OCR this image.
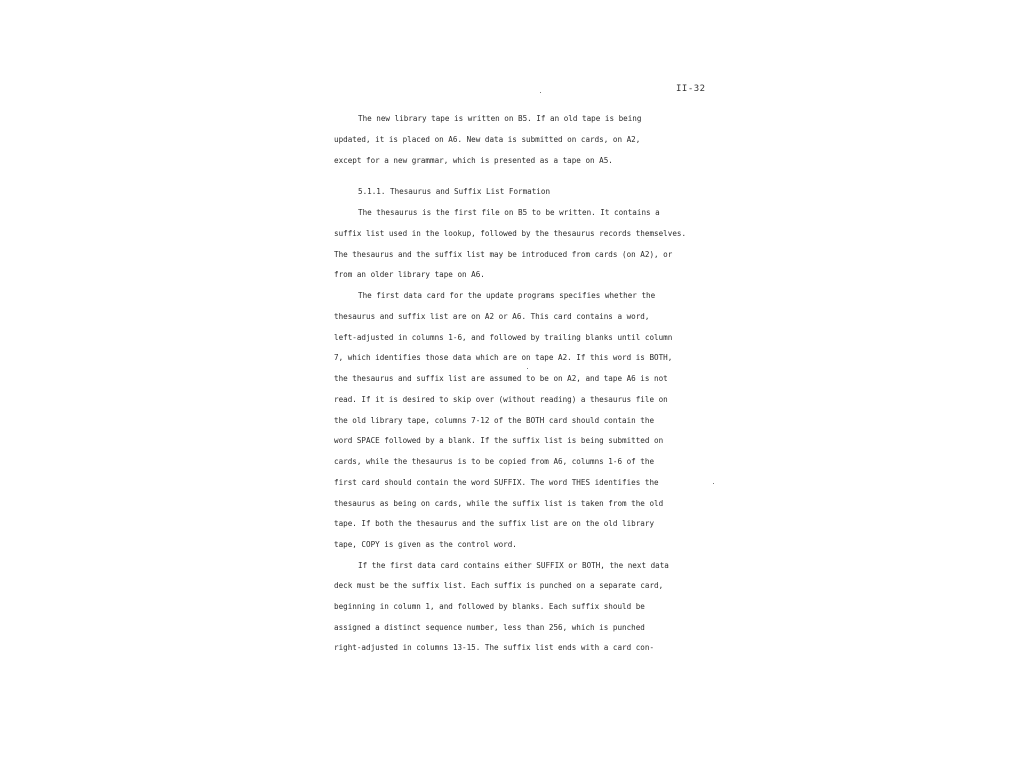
II-32
The new library tape is written on B5. If an old tape is being
updated, it is placed on A6. New data is submitted on cards, on A2,
except for a new grammar, which is presented as a tape on A5.
5.1.1. Thesaurus and Suffix List Formation
The thesaurus is the first file on B5 to be written. It contains a
suffix list used in the lookup, followed by the thesaurus records themselves.
The thesaurus and the suffix list may be introduced from cards (on A2), or
from an older library tape on A6.
The first data card for the update programs specifies whether the
thesaurus and suffix list are on A2 or A6. This card contains a word,
left-adjusted in columns 1-6, and followed by trailing blanks until column
7, which identifies those data which are on tape A2. If this word is BOTH,
the thesaurus and suffix list are assumed to be on A2, and tape A6 is not
read. If it is desired to skip over (without reading) a thesaurus file on
the old library tape, columns 7-12 of the BOTH card should contain the
word SPACE followed by a blank. If the suffix list is being submitted on
cards, while the thesaurus is to be copied from A6, columns 1-6 of the
first card should contain the word SUFFIX. The word THES identifies the
thesaurus as being on cards, while the suffix list is taken from the old
tape. If both the thesaurus and the suffix list are on the old library
tape, COPY is given as the control word.
If the first data card contains either SUFFIX or BOTH, the next data
deck must be the suffix list. Each suffix is punched on a separate card,
beginning in column 1, and followed by blanks. Each suffix should be
assigned a distinct sequence number, less than 256, which is punched
right-adjusted in columns 13-15. The suffix list ends with a card con-
